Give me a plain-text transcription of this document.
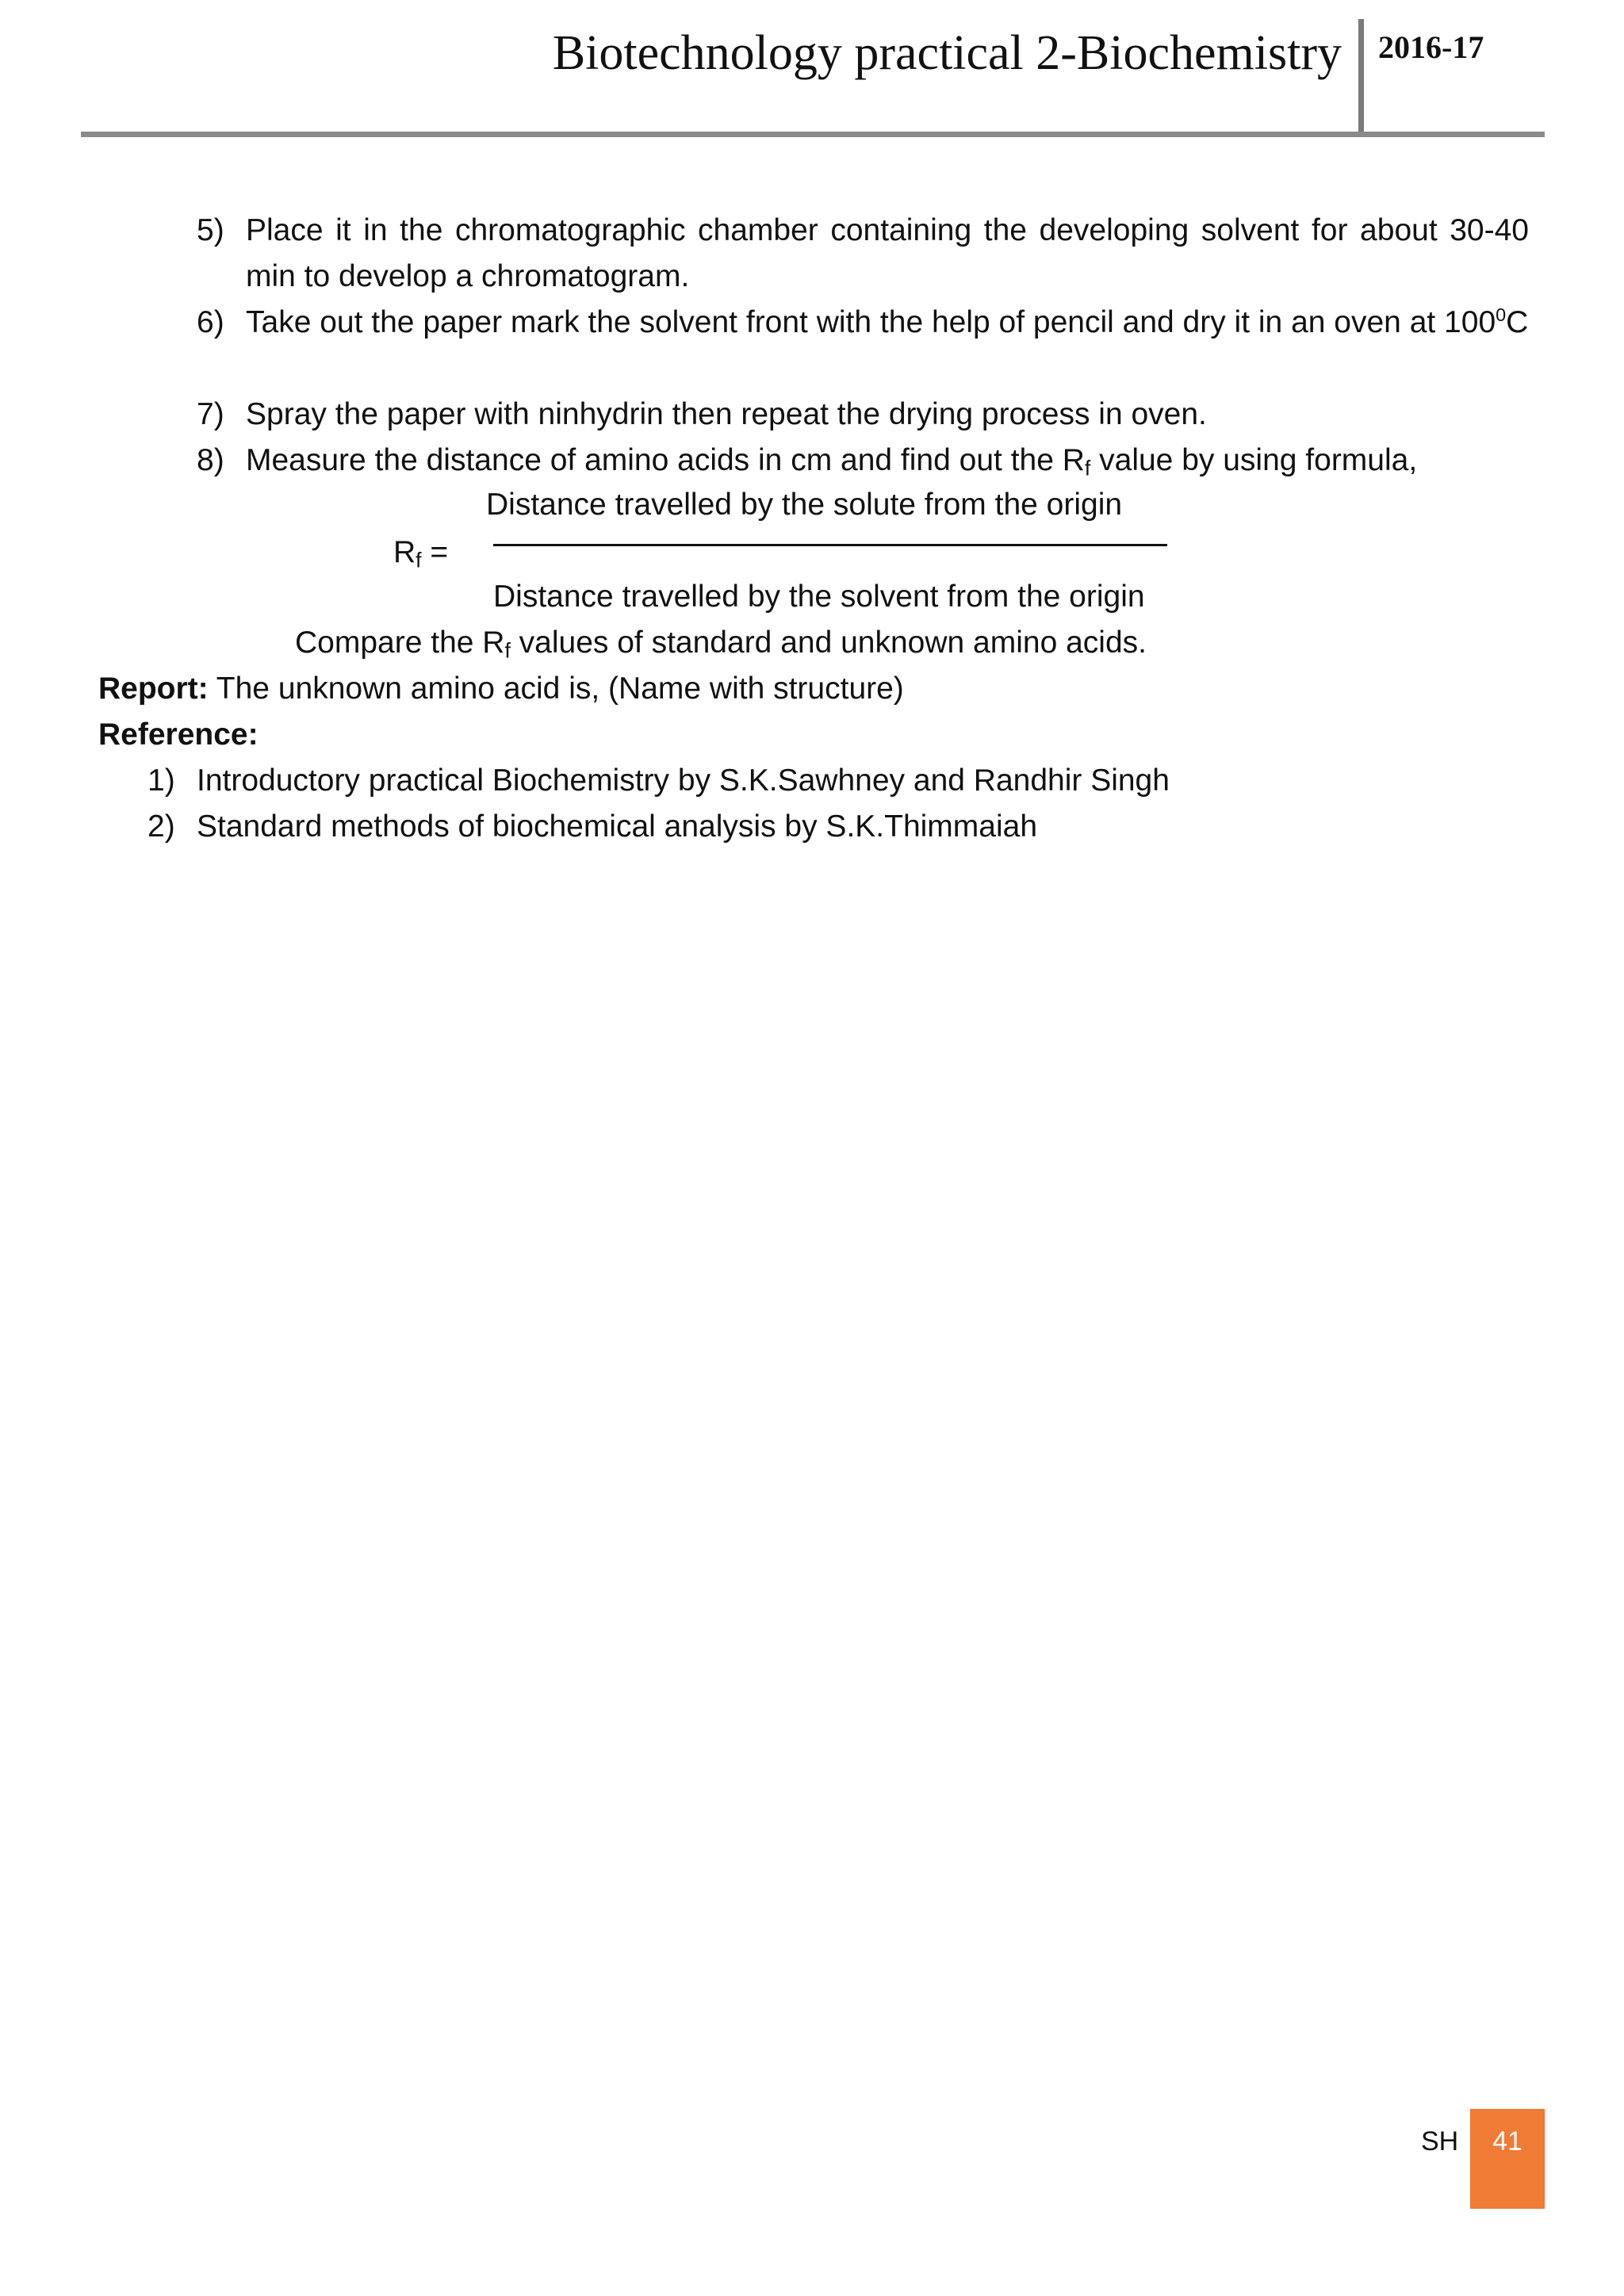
Biotechnology practical 2-Biochemistry 2016-17
5) Place it in the chromatographic chamber containing the developing solvent for about 30-40 min to develop a chromatogram.
6) Take out the paper mark the solvent front with the help of pencil and dry it in an oven at $100^0C$
7) Spray the paper with ninhydrin then repeat the drying process in oven.
8) Measure the distance of amino acids in cm and find out the $R_f$ value by using formula,
Distance travelled by the solute from the origin
$R_f$ =
Distance travelled by the solvent from the origin
Compare the $R_f$ values of standard and unknown amino acids.
Report: The unknown amino acid is, (Name with structure)
Reference:
1) Introductory practical Biochemistry by S.K.Sawhney and Randhir Singh
2) Standard methods of biochemical analysis by S.K.Thimmaiah
SH	41
